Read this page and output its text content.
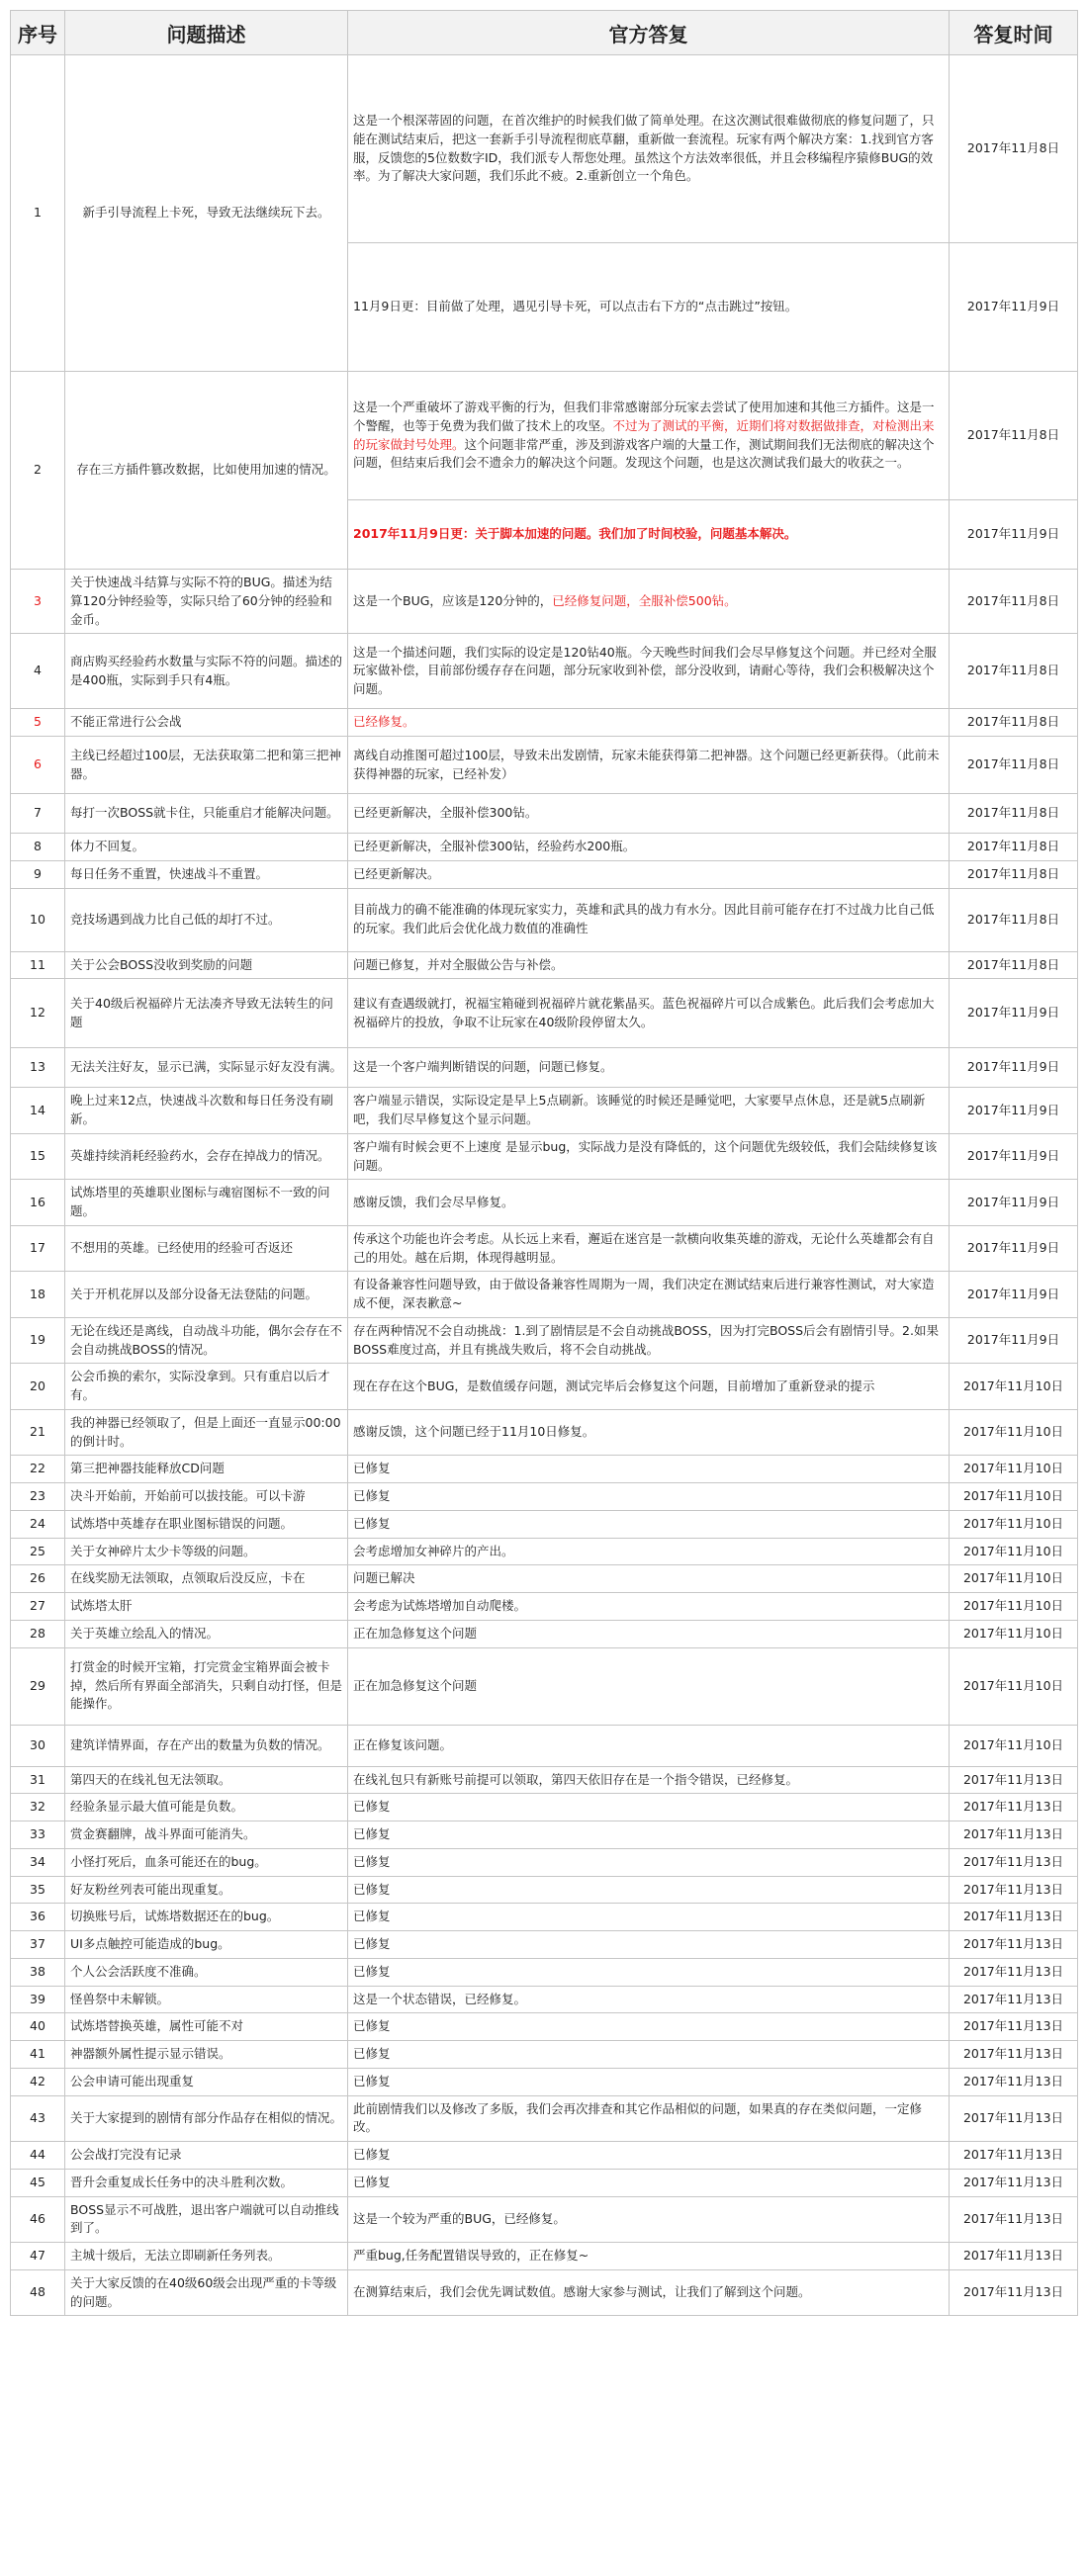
序号	问题描述	官方答复	答复时间
1	新手引导流程上卡死，导致无法继续玩下去。	这是一个根深蒂固的问题，在首次维护的时候我们做了简单处理。在这次测试很难做彻底的修复问题了，只能在测试结束后，把这一套新手引导流程彻底草翻，重新做一套流程。玩家有两个解决方案：1.找到官方客服，反馈您的5位数数字ID，我们派专人帮您处理。虽然这个方法效率很低，并且会移编程序猿修BUG的效率。为了解决大家问题，我们乐此不疲。2.重新创立一个角色。	2017年11月8日
		11月9日更：目前做了处理，遇见引导卡死，可以点击右下方的“点击跳过”按钮。	2017年11月9日
2	存在三方插件篡改数据，比如使用加速的情况。	这是一个严重破坏了游戏平衡的行为，但我们非常感谢部分玩家去尝试了使用加速和其他三方插件。这是一个警醒，也等于免费为我们做了技术上的攻坚。不过为了测试的平衡，近期们将对数据做排查，对检测出来的玩家做封号处理。这个问题非常严重，涉及到游戏客户端的大量工作，测试期间我们无法彻底的解决这个问题，但结束后我们会不遗余力的解决这个问题。发现这个问题，也是这次测试我们最大的收获之一。	2017年11月8日
		2017年11月9日更：关于脚本加速的问题。我们加了时间校验，问题基本解决。	2017年11月9日
3	关于快速战斗结算与实际不符的BUG。描述为结算120分钟经验等，实际只给了60分钟的经验和金币。	这是一个BUG，应该是120分钟的，已经修复问题，全服补偿500钻。	2017年11月8日
4	商店购买经验药水数量与实际不符的问题。描述的是400瓶，实际到手只有4瓶。	这是一个描述问题，我们实际的设定是120钻40瓶。今天晚些时间我们会尽早修复这个问题。并已经对全服玩家做补偿，目前部份缓存存在问题，部分玩家收到补偿，部分没收到，请耐心等待，我们会积极解决这个问题。	2017年11月8日
5	不能正常进行公会战	已经修复。	2017年11月8日
6	主线已经超过100层，无法获取第二把和第三把神器。	离线自动推图可超过100层，导致未出发剧情，玩家未能获得第二把神器。这个问题已经更新获得。（此前未获得神器的玩家，已经补发）	2017年11月8日
7	每打一次BOSS就卡住，只能重启才能解决问题。	已经更新解决，全服补偿300钻。	2017年11月8日
8	体力不回复。	已经更新解决，全服补偿300钻，经验药水200瓶。	2017年11月8日
9	每日任务不重置，快速战斗不重置。	已经更新解决。	2017年11月8日
10	竞技场遇到战力比自己低的却打不过。	目前战力的确不能准确的体现玩家实力，英雄和武具的战力有水分。因此目前可能存在打不过战力比自己低的玩家。我们此后会优化战力数值的准确性	2017年11月8日
11	关于公会BOSS没收到奖励的问题	问题已修复，并对全服做公告与补偿。	2017年11月8日
12	关于40级后祝福碎片无法凑齐导致无法转生的问题	建议有查遇级就打，祝福宝箱碰到祝福碎片就花紫晶买。蓝色祝福碎片可以合成紫色。此后我们会考虑加大祝福碎片的投放，争取不让玩家在40级阶段停留太久。	2017年11月9日
13	无法关注好友，显示已满，实际显示好友没有满。	这是一个客户端判断错误的问题，问题已修复。	2017年11月9日
14	晚上过来12点，快速战斗次数和每日任务没有刷新。	客户端显示错误，实际设定是早上5点刷新。该睡觉的时候还是睡觉吧，大家要早点休息，还是就5点刷新吧，我们尽早修复这个显示问题。	2017年11月9日
15	英雄持续消耗经验药水，会存在掉战力的情况。	客户端有时候会更不上速度 是显示bug，实际战力是没有降低的，这个问题优先级较低，我们会陆续修复该问题。	2017年11月9日
16	试炼塔里的英雄职业图标与魂宿图标不一致的问题。	感谢反馈，我们会尽早修复。	2017年11月9日
17	不想用的英雄。已经使用的经验可否返还	传承这个功能也许会考虑。从长远上来看，邂逅在迷宫是一款横向收集英雄的游戏，无论什么英雄都会有自己的用处。越在后期，体现得越明显。	2017年11月9日
18	关于开机花屏以及部分设备无法登陆的问题。	有设备兼容性问题导致，由于做设备兼容性周期为一周，我们决定在测试结束后进行兼容性测试，对大家造成不便，深表歉意~	2017年11月9日
19	无论在线还是离线，自动战斗功能，偶尔会存在不会自动挑战BOSS的情况。	存在两种情况不会自动挑战：1.到了剧情层是不会自动挑战BOSS，因为打完BOSS后会有剧情引导。2.如果BOSS难度过高，并且有挑战失败后，将不会自动挑战。	2017年11月9日
20	公会币换的索尔，实际没拿到。只有重启以后才有。	现在存在这个BUG，是数值缓存问题，测试完毕后会修复这个问题，目前增加了重新登录的提示	2017年11月10日
21	我的神器已经领取了，但是上面还一直显示00:00的倒计时。	感谢反馈，这个问题已经于11月10日修复。	2017年11月10日
22	第三把神器技能释放CD问题	已修复	2017年11月10日
23	决斗开始前，开始前可以拔技能。可以卡游	已修复	2017年11月10日
24	试炼塔中英雄存在职业图标错误的问题。	已修复	2017年11月10日
25	关于女神碎片太少卡等级的问题。	会考虑增加女神碎片的产出。	2017年11月10日
26	在线奖励无法领取，点领取后没反应，卡在	问题已解决	2017年11月10日
27	试炼塔太肝	会考虑为试炼塔增加自动爬楼。	2017年11月10日
28	关于英雄立绘乱入的情况。	正在加急修复这个问题	2017年11月10日
29	打赏金的时候开宝箱，打完赏金宝箱界面会被卡掉，然后所有界面全部消失，只剩自动打怪，但是能操作。	正在加急修复这个问题	2017年11月10日
30	建筑详情界面，存在产出的数量为负数的情况。	正在修复该问题。	2017年11月10日
31	第四天的在线礼包无法领取。	在线礼包只有新账号前提可以领取，第四天依旧存在是一个指令错误，已经修复。	2017年11月13日
32	经验条显示最大值可能是负数。	已修复	2017年11月13日
33	赏金赛翻牌，战斗界面可能消失。	已修复	2017年11月13日
34	小怪打死后，血条可能还在的bug。	已修复	2017年11月13日
35	好友粉丝列表可能出现重复。	已修复	2017年11月13日
36	切换账号后，试炼塔数据还在的bug。	已修复	2017年11月13日
37	UI多点触控可能造成的bug。	已修复	2017年11月13日
38	个人公会活跃度不准确。	已修复	2017年11月13日
39	怪兽祭中未解锁。	这是一个状态错误，已经修复。	2017年11月13日
40	试炼塔替换英雄，属性可能不对	已修复	2017年11月13日
41	神器额外属性提示显示错误。	已修复	2017年11月13日
42	公会申请可能出现重复	已修复	2017年11月13日
43	关于大家提到的剧情有部分作品存在相似的情况。	此前剧情我们以及修改了多版，我们会再次排查和其它作品相似的问题，如果真的存在类似问题，一定修改。	2017年11月13日
44	公会战打完没有记录	已修复	2017年11月13日
45	晋升会重复成长任务中的决斗胜利次数。	已修复	2017年11月13日
46	BOSS显示不可战胜，退出客户端就可以自动推线到了。	这是一个较为严重的BUG，已经修复。	2017年11月13日
47	主城十级后，无法立即刷新任务列表。	严重bug,任务配置错误导致的，正在修复~	2017年11月13日
48	关于大家反馈的在40级60级会出现严重的卡等级的问题。	在测算结束后，我们会优先调试数值。感谢大家参与测试，让我们了解到这个问题。	2017年11月13日
